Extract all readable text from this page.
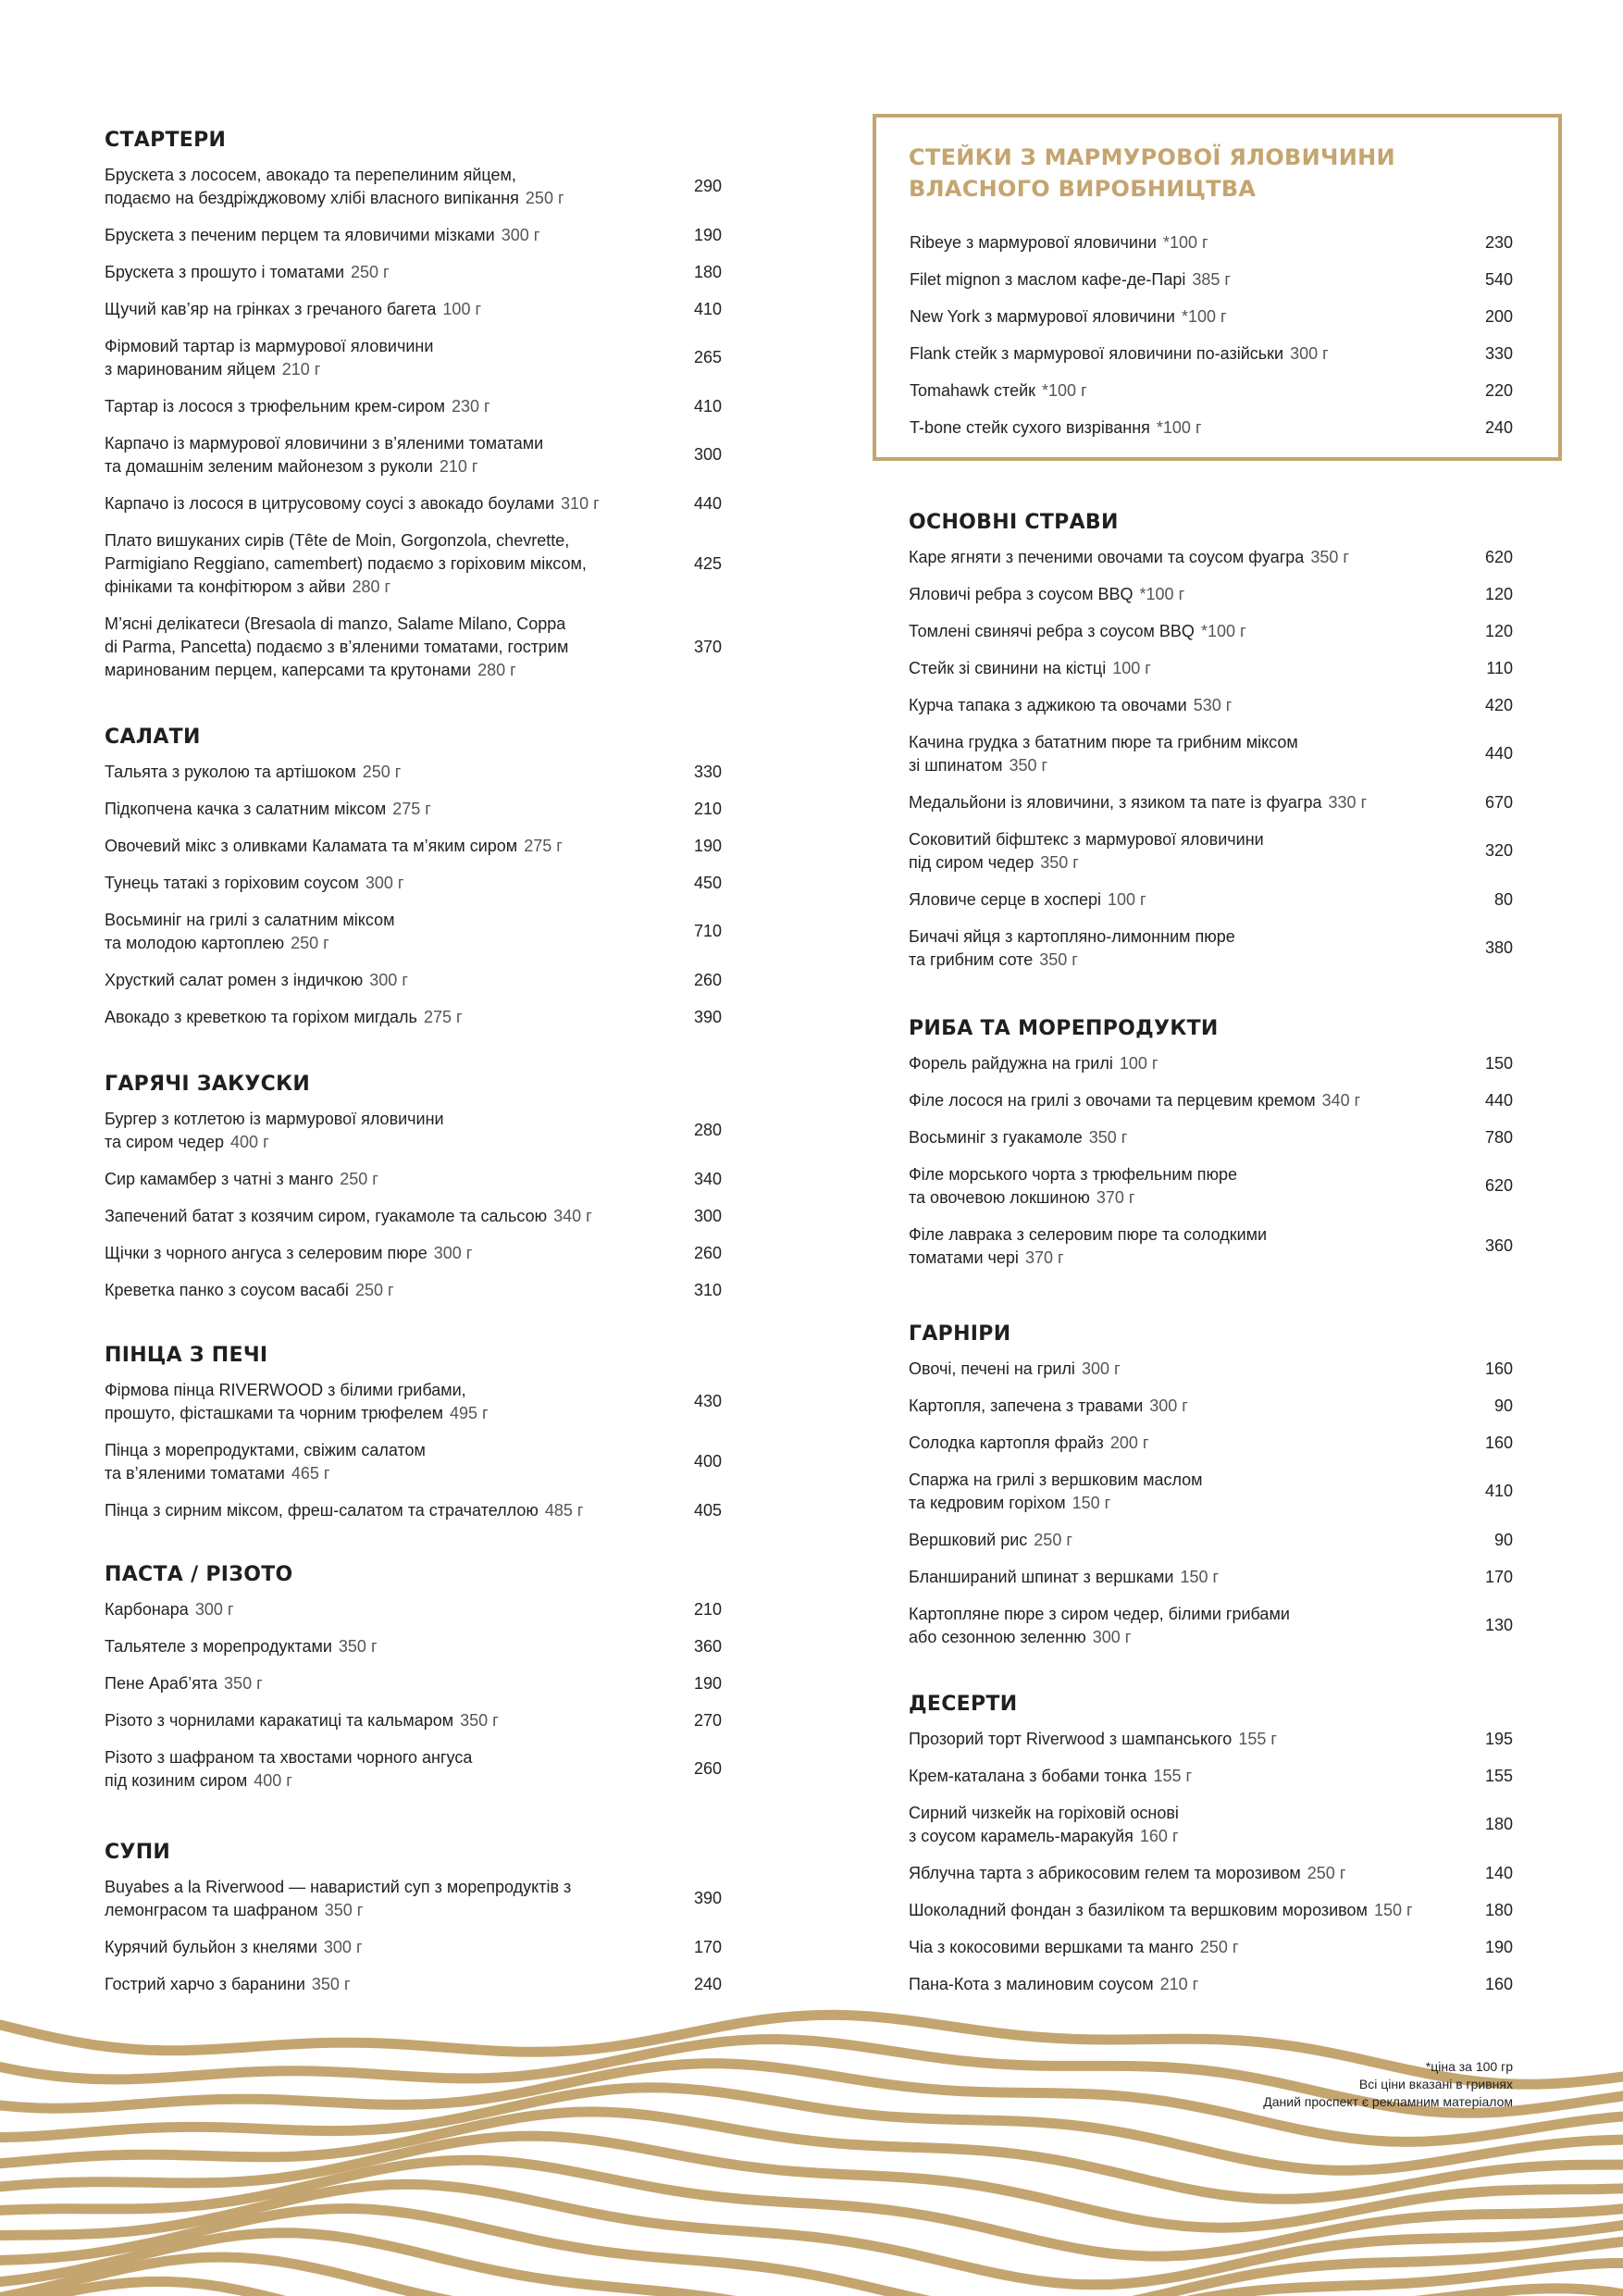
СТАРТЕРИ
Брускета з лососем, авокадо та перепелиним яйцем,
подаємо на бездріжджовому хлібі власного випікання 250 г
290
Брускета з печеним перцем та яловичими мізками 300 г	190
Брускета з прошуто і томатами 250 г	180
Щучий кав’яр на грінках з гречаного багета 100 г	410
Фірмовий тартар із мармурової яловичини
з маринованим яйцем 210 г
265
Тартар із лосося з трюфельним крем-сиром 230 г	410
Карпачо із мармурової яловичини з в’яленими томатами
та домашнім зеленим майонезом з руколи 210 г
300
Карпачо із лосося в цитрусовому соусі з авокадо боулами 310 г	440
Плато вишуканих сирів (Tête de Moin, Gorgonzola, chevrette,
Parmigiano Reggiano, camembert) подаємо з горіховим міксом,
фініками та конфітюром з айви 280 г
425
М’ясні делікатеси (Bresaola di manzo, Salame Milano, Coppa
di Parma, Pancetta) подаємо з в’яленими томатами, гострим
маринованим перцем, каперсами та крутонами 280 г
370
САЛАТИ
Тальята з руколою та артішоком 250 г	330
Підкопчена качка з салатним міксом 275 г	210
Овочевий мікс з оливками Каламата та м’яким сиром 275 г	190
Тунець татакі з горіховим соусом 300 г	450
Восьминіг на грилі з салатним міксом
та молодою картоплею 250 г
710
Хрусткий салат ромен з індичкою 300 г	260
Авокадо з креветкою та горіхом мигдаль 275 г	390
ГАРЯЧІ ЗАКУСКИ
Бургер з котлетою із мармурової яловичини
та сиром чедер 400 г
280
Сир камамбер з чатні з манго 250 г	340
Запечений батат з козячим сиром, гуакамоле та сальсою 340 г	300
Щічки з чорного ангуса з селеровим пюре 300 г	260
Креветка панко з соусом васабі 250 г	310
ПІНЦА З ПЕЧІ
Фірмова пінца RIVERWOOD з білими грибами,
прошуто, фісташками та чорним трюфелем 495 г
430
Пінца з морепродуктами, свіжим салатом
та в’яленими томатами 465 г
400
Пінца з сирним міксом, фреш-салатом та страчателлою 485 г	405
ПАСТА / РІЗОТО
Карбонара 300 г	210
Тальятеле з морепродуктами 350 г	360
Пене Араб’ята 350 г	190
Різото з чорнилами каракатиці та кальмаром 350 г	270
Різото з шафраном та хвостами чорного ангуса
під козиним сиром 400 г
260
СУПИ
Buyabes a la Riverwood — наваристий суп з морепродуктів з
лемонграсом та шафраном 350 г
390
Курячий бульйон з кнелями 300 г	170
Гострий харчо з баранини 350 г	240
ОСНОВНІ СТРАВИ
Каре ягняти з печеними овочами та соусом фуагра 350 г	620
Яловичі ребра з соусом BBQ *100 г	120
Томлені свинячі ребра з соусом BBQ *100 г	120
Стейк зі свинини на кістці 100 г	110
Курча тапака з аджикою та овочами 530 г	420
Качина грудка з бататним пюре та грибним міксом
зі шпинатом 350 г
440
Медальйони із яловичини, з язиком та пате із фуагра 330 г	670
Соковитий біфштекс з мармурової яловичини
під сиром чедер 350 г
320
Яловиче серце в хоспері 100 г	80
Бичачі яйця з картопляно-лимонним пюре
та грибним соте 350 г
380
РИБА ТА МОРЕПРОДУКТИ
Форель райдужна на грилі 100 г	150
Філе лосося на грилі з овочами та перцевим кремом 340 г	440
Восьминіг з гуакамоле 350 г	780
Філе морського чорта з трюфельним пюре
та овочевою локшиною 370 г
620
Філе лаврака з селеровим пюре та солодкими
томатами чері 370 г
360
ГАРНІРИ
Овочі, печені на грилі 300 г	160
Картопля, запечена з травами 300 г	90
Солодка картопля фрайз 200 г	160
Спаржа на грилі з вершковим маслом
та кедровим горіхом 150 г
410
Вершковий рис 250 г	90
Бланшираний шпинат з вершками 150 г	170
Картопляне пюре з сиром чедер, білими грибами
або сезонною зеленню 300 г
130
ДЕСЕРТИ
Прозорий торт Riverwood з шампанського 155 г	195
Крем-каталана з бобами тонка 155 г	155
Сирний чизкейк на горіховій основі
з соусом карамель-маракуйя 160 г
180
Яблучна тарта з абрикосовим гелем та морозивом 250 г	140
Шоколадний фондан з базиліком та вершковим морозивом 150 г	180
Чіа з кокосовими вершками та манго 250 г	190
Пана-Кота з малиновим соусом 210 г	160
СТЕЙКИ З МАРМУРОВОЇ ЯЛОВИЧИНИ ВЛАСНОГО ВИРОБНИЦТВА
Ribeye з мармурової яловичини *100 г	230
Filet mignon з маслом кафе-де-Парі 385 г	540
New York з мармурової яловичини *100 г	200
Flank стейк з мармурової яловичини по-азійськи 300 г	330
Tomahawk стейк *100 г	220
T-bone стейк сухого визрівання *100 г	240
*ціна за 100 гр
Всі ціни вказані в гривнях
Даний проспект є рекламним матеріалом
